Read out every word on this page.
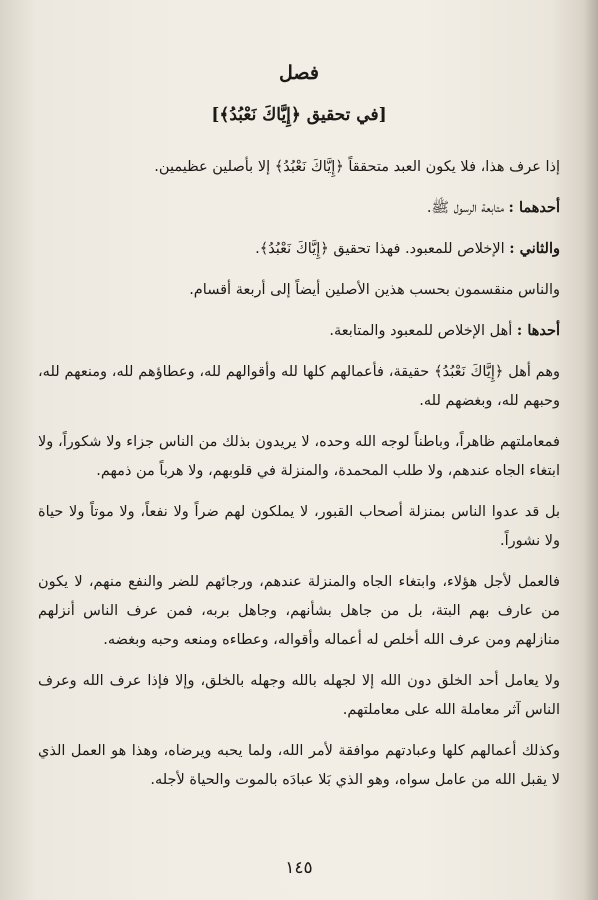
فصل
[في تحقيق ﴿إِيَّاكَ نَعْبُدُ﴾]

إذا عرف هذا، فلا يكون العبد متحققاً ﴿إِيَّاكَ نَعْبُدُ﴾ إلا بأصلين عظيمين.

أحدهما : متابعة الرسول ﷺ.

والثاني : الإخلاص للمعبود. فهذا تحقيق ﴿إِيَّاكَ نَعْبُدُ﴾.

والناس منقسمون بحسب هذين الأصلين أيضاً إلى أربعة أقسام.

أحدها : أهل الإخلاص للمعبود والمتابعة.

وهم أهل ﴿إِيَّاكَ نَعْبُدُ﴾ حقيقة، فأعمالهم كلها لله وأقوالهم لله، وعطاؤهم لله، ومنعهم لله، وحبهم لله، وبغضهم لله.

فمعاملتهم ظاهراً، وباطناً لوجه الله وحده، لا يريدون بذلك من الناس جزاء ولا شكوراً، ولا ابتغاء الجاه عندهم، ولا طلب المحمدة، والمنزلة في قلوبهم، ولا هرباً من ذمهم.

بل قد عدوا الناس بمنزلة أصحاب القبور، لا يملكون لهم ضراً ولا نفعاً، ولا موتاً ولا حياة ولا نشوراً.

فالعمل لأجل هؤلاء، وابتغاء الجاه والمنزلة عندهم، ورجائهم للضر والنفع منهم، لا يكون من عارف بهم البتة، بل من جاهل بشأنهم، وجاهل بربه، فمن عرف الناس أنزلهم منازلهم ومن عرف الله أخلص له أعماله وأقواله، وعطاءه ومنعه وحبه وبغضه.

ولا يعامل أحد الخلق دون الله إلا لجهله بالله وجهله بالخلق، وإلا فإذا عرف الله وعرف الناس آثر معاملة الله على معاملتهم.

وكذلك أعمالهم كلها وعبادتهم موافقة لأمر الله، ولما يحبه ويرضاه، وهذا هو العمل الذي لا يقبل الله من عامل سواه، وهو الذي بَلا عبادَه بالموت والحياة لأجله.

١٤٥
